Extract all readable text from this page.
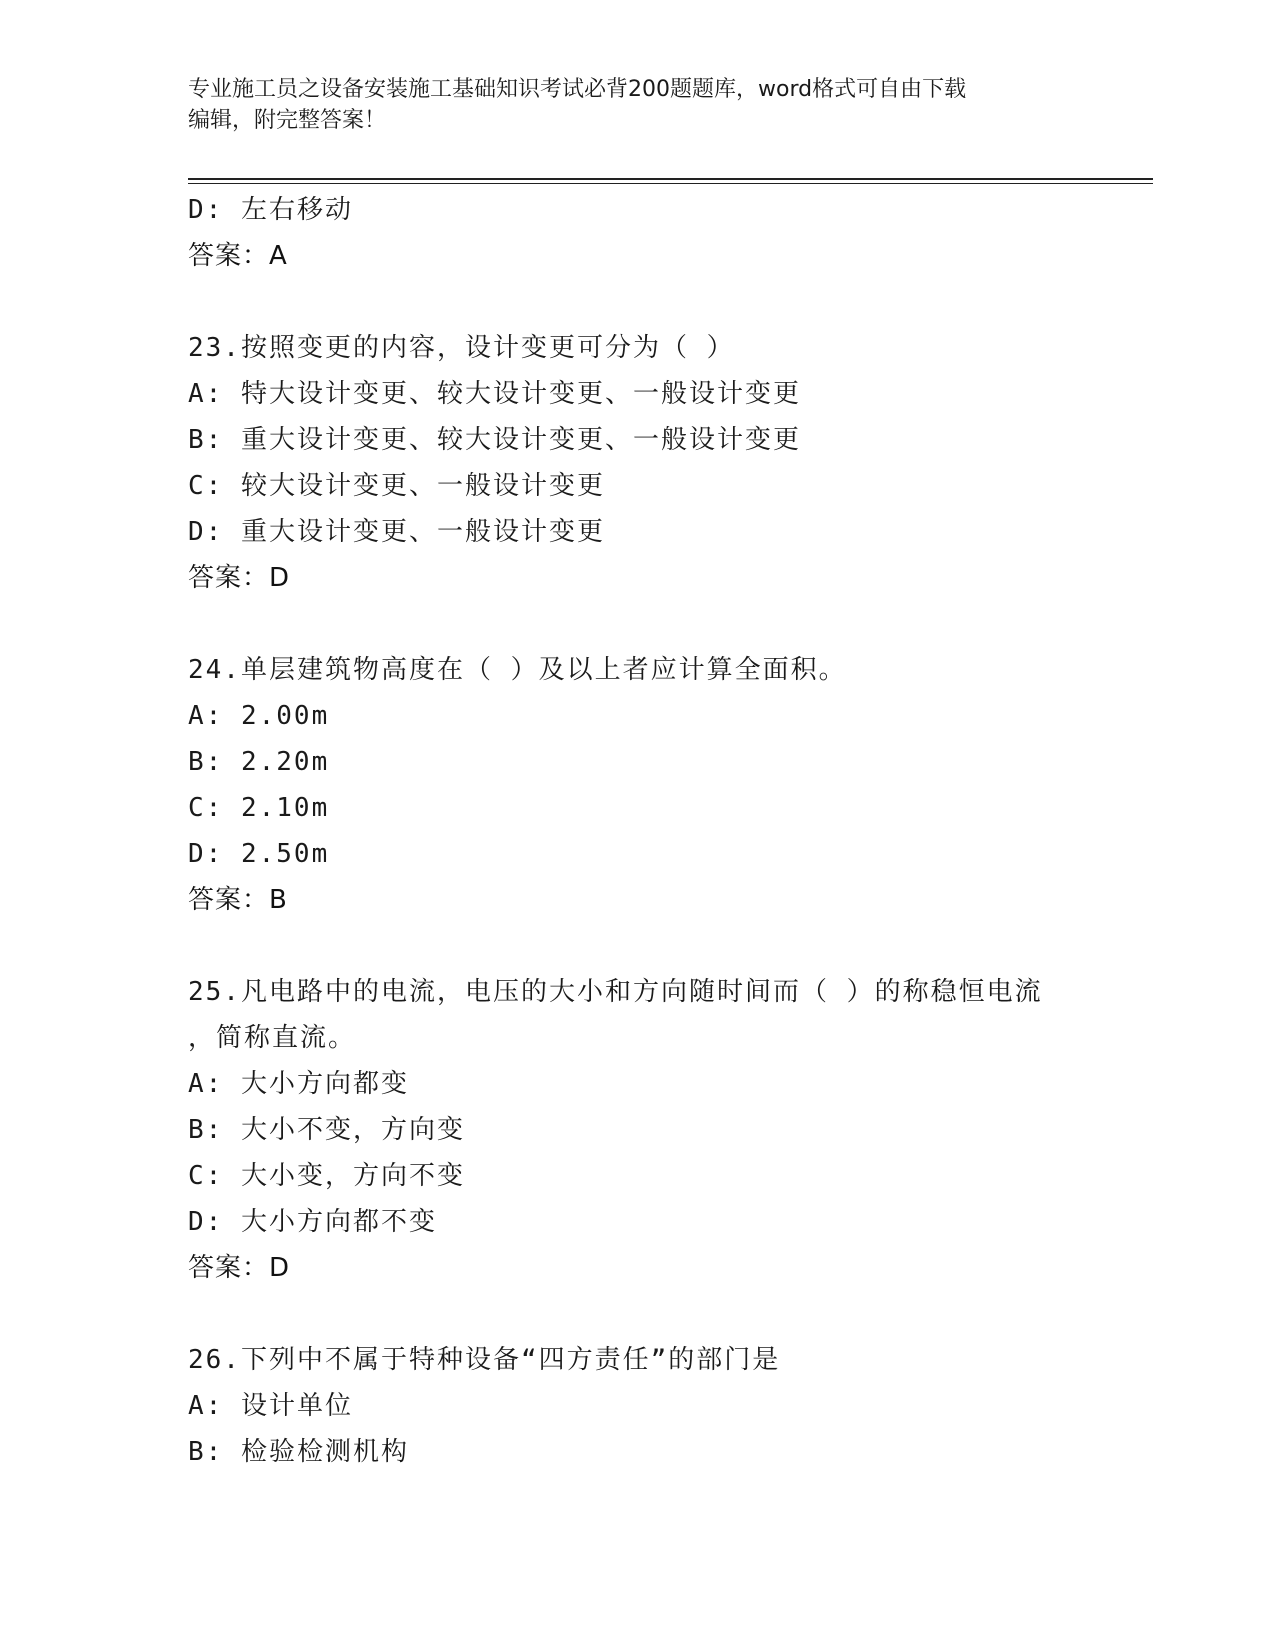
专业施工员之设备安装施工基础知识考试必背200题题库，word格式可自由下载
编辑，附完整答案！
D: 左右移动
答案：A
23.按照变更的内容，设计变更可分为（ ）
A: 特大设计变更、较大设计变更、一般设计变更
B: 重大设计变更、较大设计变更、一般设计变更
C: 较大设计变更、一般设计变更
D: 重大设计变更、一般设计变更
答案：D
24.单层建筑物高度在（ ）及以上者应计算全面积。
A: 2.00m
B: 2.20m
C: 2.10m
D: 2.50m
答案：B
25.凡电路中的电流，电压的大小和方向随时间而（ ）的称稳恒电流
，简称直流。
A: 大小方向都变
B: 大小不变，方向变
C: 大小变，方向不变
D: 大小方向都不变
答案：D
26.下列中不属于特种设备“四方责任”的部门是
A: 设计单位
B: 检验检测机构
